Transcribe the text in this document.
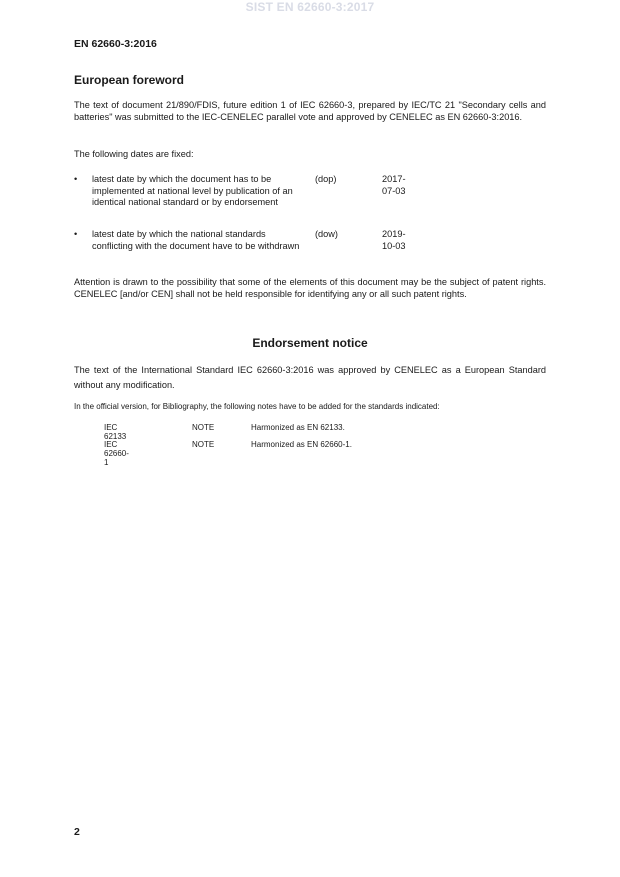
SIST EN 62660-3:2017
EN 62660-3:2016
European foreword
The text of document 21/890/FDIS, future edition 1 of IEC 62660-3, prepared by IEC/TC 21 "Secondary cells and batteries" was submitted to the IEC-CENELEC parallel vote and approved by CENELEC as EN 62660-3:2016.
The following dates are fixed:
• latest date by which the document has to be implemented at national level by publication of an identical national standard or by endorsement
(dop)	2017-07-03
• latest date by which the national standards conflicting with the document have to be withdrawn
(dow)	2019-10-03
Attention is drawn to the possibility that some of the elements of this document may be the subject of patent rights. CENELEC [and/or CEN] shall not be held responsible for identifying any or all such patent rights.
Endorsement notice
The text of the International Standard IEC 62660-3:2016 was approved by CENELEC as a European Standard without any modification.
In the official version, for Bibliography, the following notes have to be added for the standards indicated:
IEC 62133
NOTE	Harmonized as EN 62133.
IEC 62660-1
NOTE	Harmonized as EN 62660-1.
2
